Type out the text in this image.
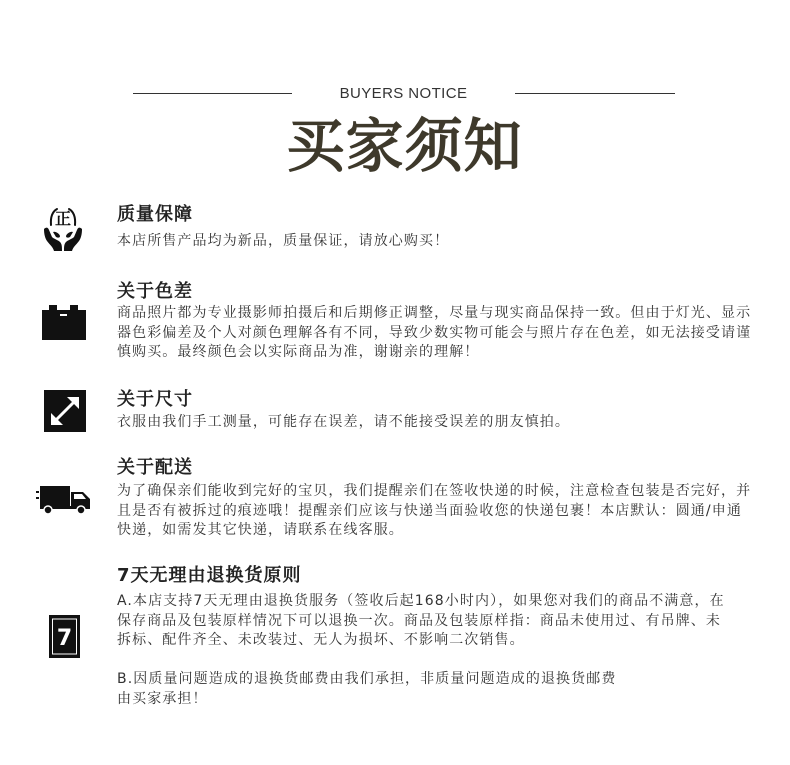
BUYERS NOTICE
买家须知
正	质量保障
本店所售产品均为新品，质量保证，请放心购买！
关于色差
商品照片都为专业摄影师拍摄后和后期修正调整，尽量与现实商品保持一致。但由于灯光、显示
器色彩偏差及个人对颜色理解各有不同，导致少数实物可能会与照片存在色差，如无法接受请谨
慎购买。最终颜色会以实际商品为准，谢谢亲的理解！
关于尺寸
衣服由我们手工测量，可能存在误差，请不能接受误差的朋友慎拍。
关于配送
为了确保亲们能收到完好的宝贝，我们提醒亲们在签收快递的时候，注意检查包装是否完好，并
且是否有被拆过的痕迹哦！提醒亲们应该与快递当面验收您的快递包裹！本店默认：圆通/申通
快递，如需发其它快递，请联系在线客服。
7
7天无理由退换货原则
A.本店支持7天无理由退换货服务（签收后起168小时内），如果您对我们的商品不满意，在
保存商品及包装原样情况下可以退换一次。商品及包装原样指：商品未使用过、有吊牌、未
拆标、配件齐全、未改装过、无人为损坏、不影响二次销售。
B.因质量问题造成的退换货邮费由我们承担，非质量问题造成的退换货邮费
由买家承担！
